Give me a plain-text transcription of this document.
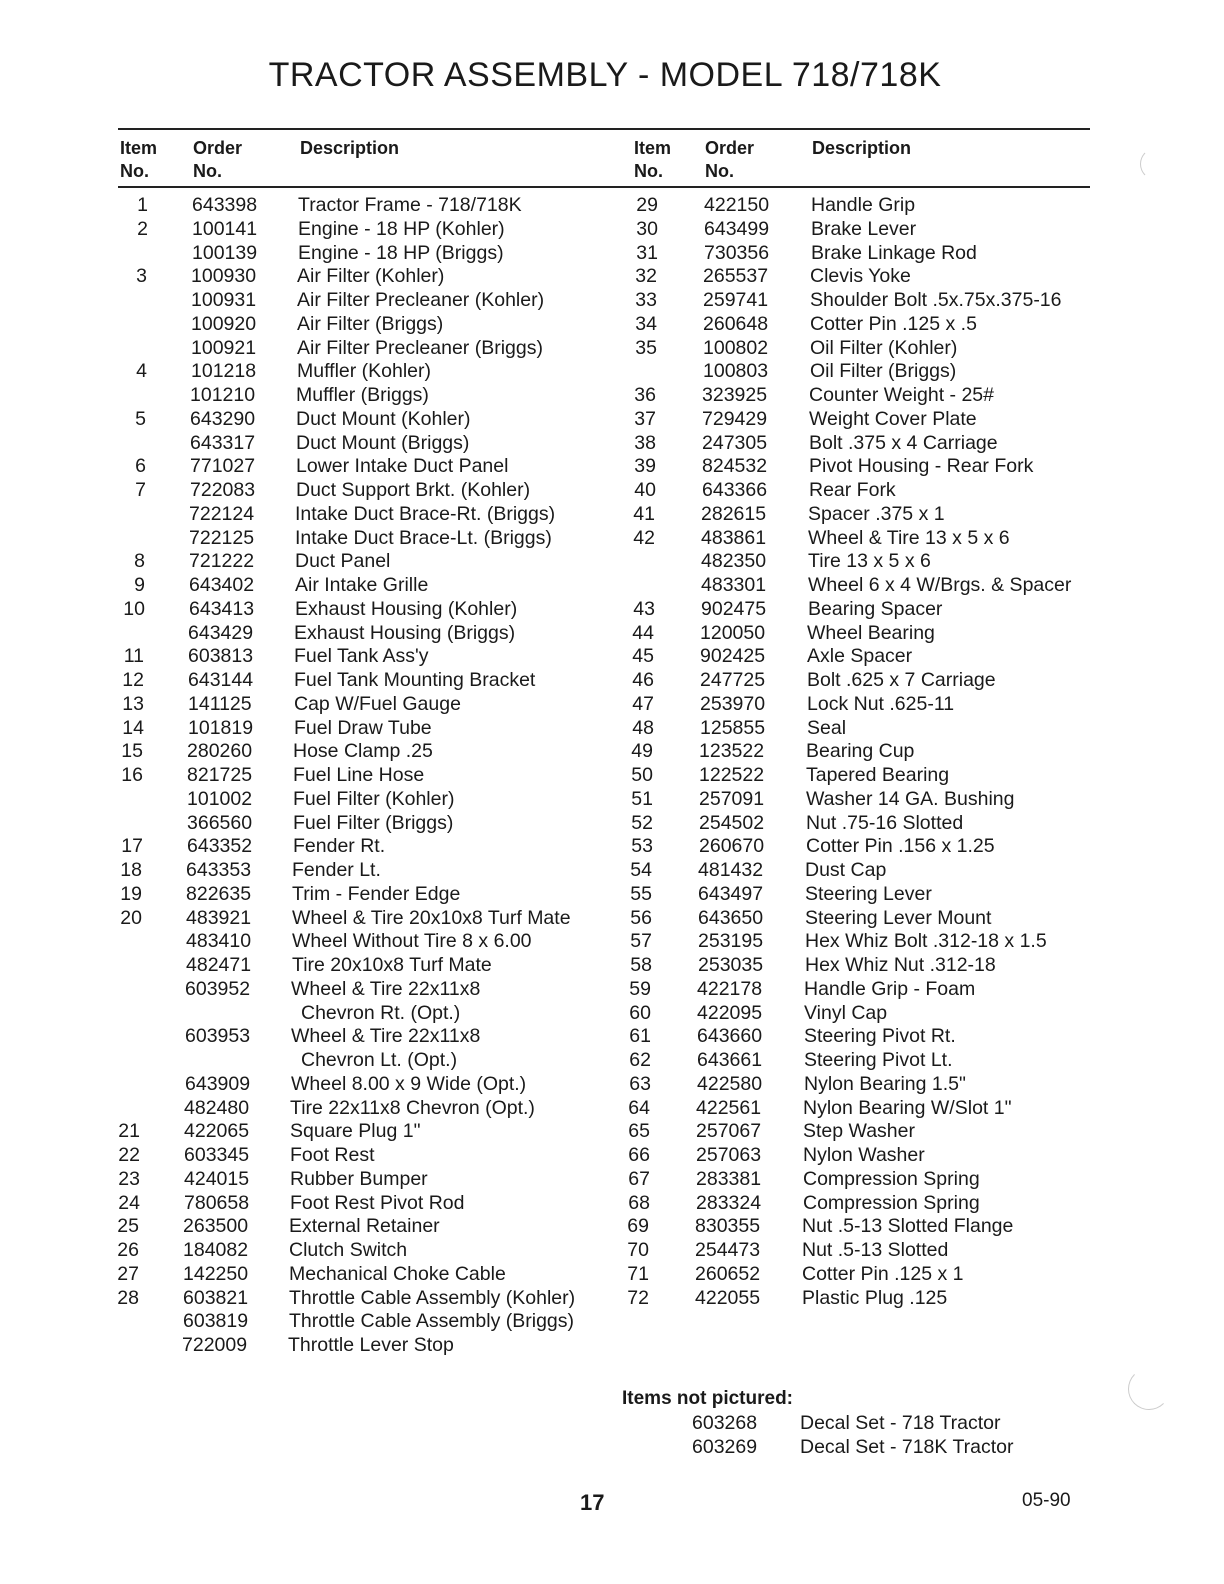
TRACTOR ASSEMBLY - MODEL 718/718K
Item
No.
Order
No.
Description	Item
No.
Order
No.
Description
1 643398 Tractor Frame - 718/718K
2 100141 Engine - 18 HP (Kohler)
100139 Engine - 18 HP (Briggs)
3 100930 Air Filter (Kohler)
100931 Air Filter Precleaner (Kohler)
100920 Air Filter (Briggs)
100921 Air Filter Precleaner (Briggs)
4 101218 Muffler (Kohler)
101210 Muffler (Briggs)
5 643290 Duct Mount (Kohler)
643317 Duct Mount (Briggs)
6 771027 Lower Intake Duct Panel
7 722083 Duct Support Brkt. (Kohler)
722124 Intake Duct Brace-Rt. (Briggs)
722125 Intake Duct Brace-Lt. (Briggs)
8 721222 Duct Panel
9 643402 Air Intake Grille
10 643413 Exhaust Housing (Kohler)
643429 Exhaust Housing (Briggs)
11 603813 Fuel Tank Ass'y
12 643144 Fuel Tank Mounting Bracket
13 141125 Cap W/Fuel Gauge
14 101819 Fuel Draw Tube
15 280260 Hose Clamp .25
16 821725 Fuel Line Hose
101002 Fuel Filter (Kohler)
366560 Fuel Filter (Briggs)
17 643352 Fender Rt.
18 643353 Fender Lt.
19 822635 Trim - Fender Edge
20 483921 Wheel & Tire 20x10x8 Turf Mate
483410 Wheel Without Tire 8 x 6.00
482471 Tire 20x10x8 Turf Mate
603952 Wheel & Tire 22x11x8
Chevron Rt. (Opt.)
603953 Wheel & Tire 22x11x8
Chevron Lt. (Opt.)
643909 Wheel 8.00 x 9 Wide (Opt.)
482480 Tire 22x11x8 Chevron (Opt.)
21 422065 Square Plug 1"
22 603345 Foot Rest
23 424015 Rubber Bumper
24 780658 Foot Rest Pivot Rod
25 263500 External Retainer
26 184082 Clutch Switch
27 142250 Mechanical Choke Cable
28 603821 Throttle Cable Assembly (Kohler)
603819 Throttle Cable Assembly (Briggs)
722009 Throttle Lever Stop
29 422150 Handle Grip
30 643499 Brake Lever
31 730356 Brake Linkage Rod
32 265537 Clevis Yoke
33 259741 Shoulder Bolt .5x.75x.375-16
34 260648 Cotter Pin .125 x .5
35 100802 Oil Filter (Kohler)
100803 Oil Filter (Briggs)
36 323925 Counter Weight - 25#
37 729429 Weight Cover Plate
38 247305 Bolt .375 x 4 Carriage
39 824532 Pivot Housing - Rear Fork
40 643366 Rear Fork
41 282615 Spacer .375 x 1
42 483861 Wheel & Tire 13 x 5 x 6
482350 Tire 13 x 5 x 6
483301 Wheel 6 x 4 W/Brgs. & Spacer
43 902475 Bearing Spacer
44 120050 Wheel Bearing
45 902425 Axle Spacer
46 247725 Bolt .625 x 7 Carriage
47 253970 Lock Nut .625-11
48 125855 Seal
49 123522 Bearing Cup
50 122522 Tapered Bearing
51 257091 Washer 14 GA. Bushing
52 254502 Nut .75-16 Slotted
53 260670 Cotter Pin .156 x 1.25
54 481432 Dust Cap
55 643497 Steering Lever
56 643650 Steering Lever Mount
57 253195 Hex Whiz Bolt .312-18 x 1.5
58 253035 Hex Whiz Nut .312-18
59 422178 Handle Grip - Foam
60 422095 Vinyl Cap
61 643660 Steering Pivot Rt.
62 643661 Steering Pivot Lt.
63 422580 Nylon Bearing 1.5"
64 422561 Nylon Bearing W/Slot 1"
65 257067 Step Washer
66 257063 Nylon Washer
67 283381 Compression Spring
68 283324 Compression Spring
69 830355 Nut .5-13 Slotted Flange
70 254473 Nut .5-13 Slotted
71 260652 Cotter Pin .125 x 1
72 422055 Plastic Plug .125
Items not pictured:
603268 Decal Set - 718 Tractor
603269 Decal Set - 718K Tractor
17	05-90
